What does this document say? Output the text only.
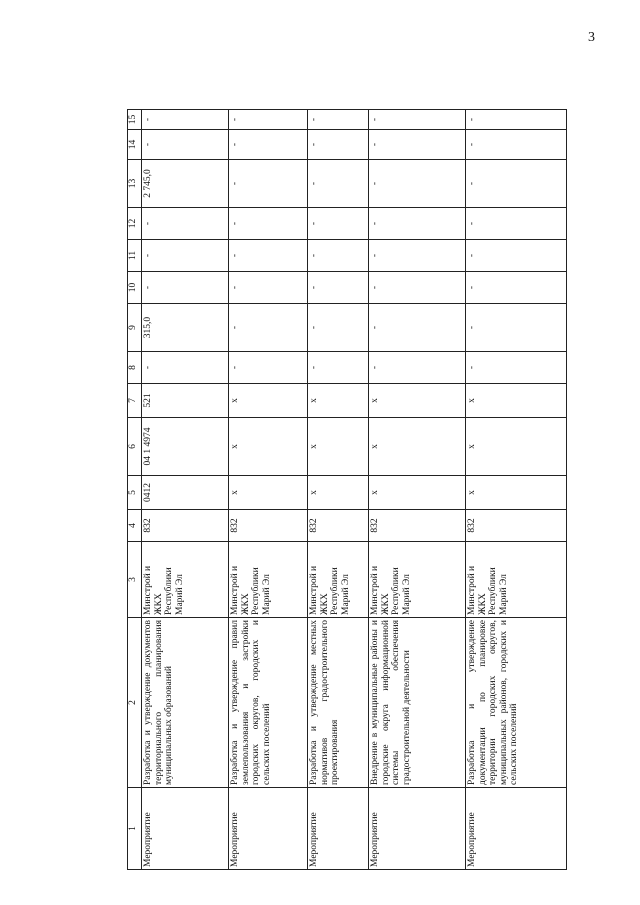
3
1	2	3	4	5	6	7	8	9	10	11	12	13	14	15
Мероприятие	Разработка и утверждение документов территориального планирования муниципальных образований	Минстрой и ЖКХ Республики Марий Эл	832	0412	04 1 4974	521	-	315,0	-	-	-	2 745,0	-	-
Мероприятие	Разработка и утверждение правил землепользования и застройки городских округов, городских и сельских поселений	Минстрой и ЖКХ Республики Марий Эл	832	x	x	x	-	-	-	-	-	-	-	-
Мероприятие	Разработка и утверждение местных нормативов градостроительного проектирования	Минстрой и ЖКХ Республики Марий Эл	832	x	x	x	-	-	-	-	-	-	-	-
Мероприятие	Внедрение в муниципальные районы и городские округа информационной системы обеспечения градостроительной деятельности	Минстрой и ЖКХ Республики Марий Эл	832	x	x	x	-	-	-	-	-	-	-	-
Мероприятие	Разработка и утверждение документации по планировке территории городских округов, муниципальных районов, городских и сельских поселений	Минстрой и ЖКХ Республики Марий Эл	832	x	x	x	-	-	-	-	-	-	-	-
